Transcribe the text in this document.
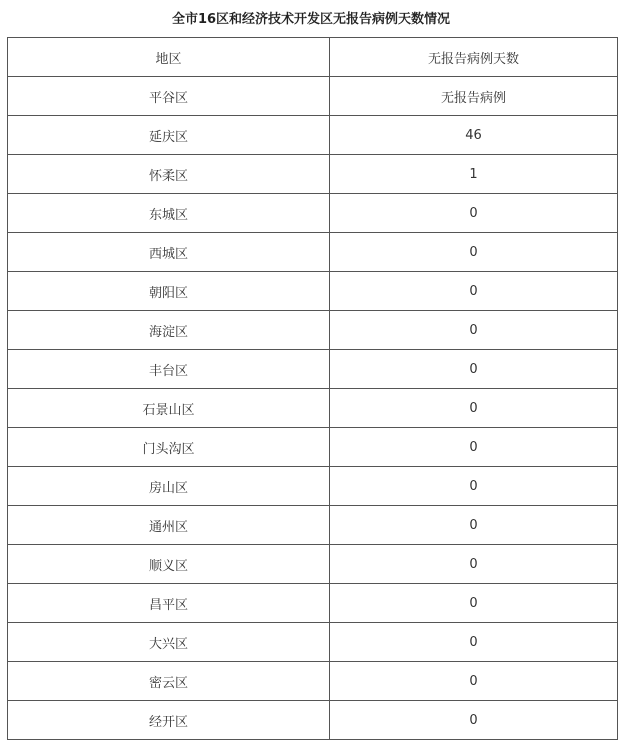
全市16区和经济技术开发区无报告病例天数情况
地区	无报告病例天数
平谷区	无报告病例
延庆区	46
怀柔区	1
东城区	0
西城区	0
朝阳区	0
海淀区	0
丰台区	0
石景山区	0
门头沟区	0
房山区	0
通州区	0
顺义区	0
昌平区	0
大兴区	0
密云区	0
经开区	0
